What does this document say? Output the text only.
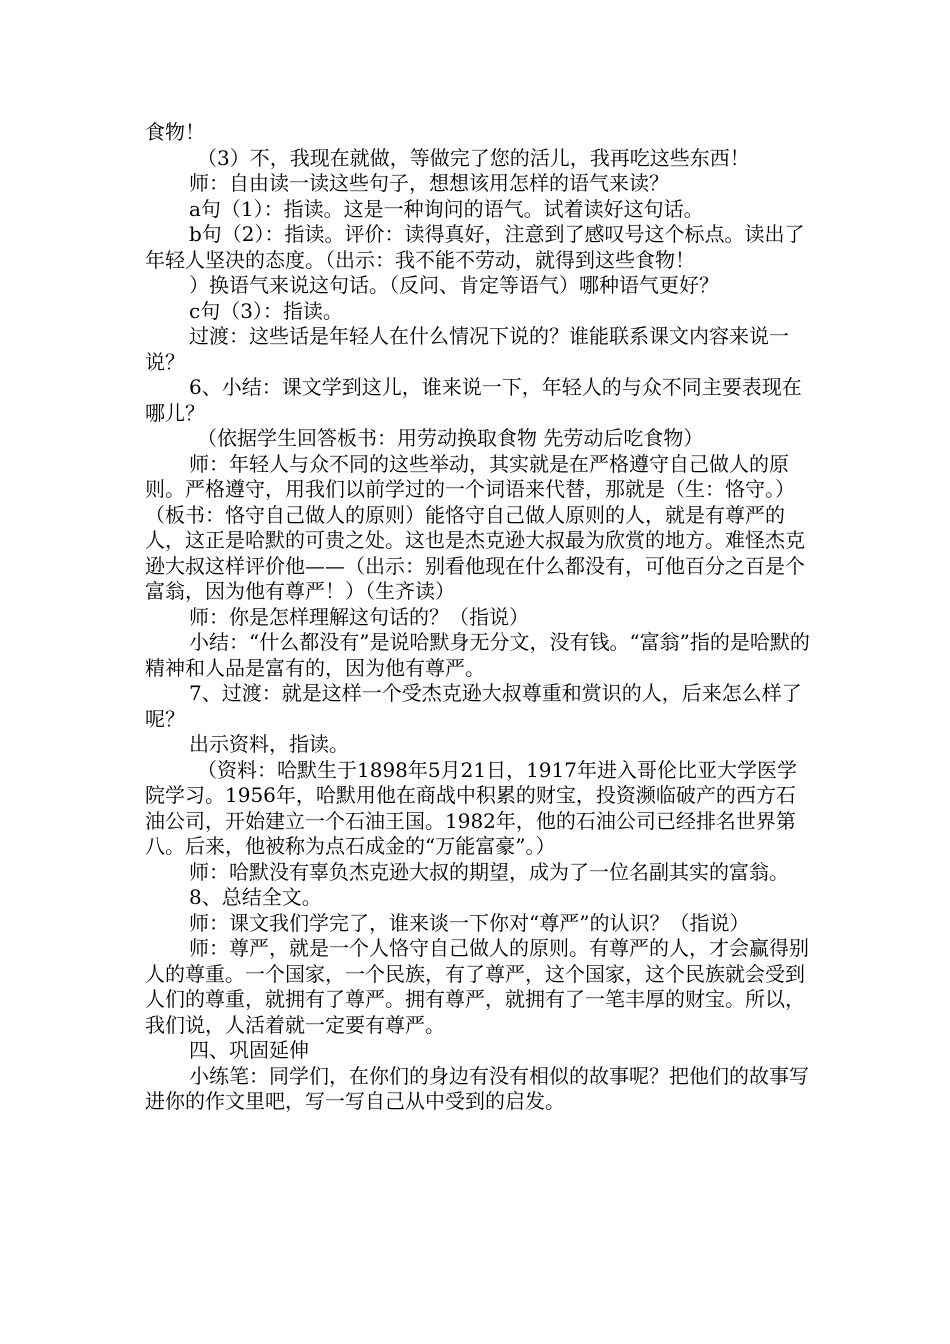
食物！

（3）不，我现在就做，等做完了您的活儿，我再吃这些东西！

师：自由读一读这些句子，想想该用怎样的语气来读？

a句（1）：指读。这是一种询问的语气。试着读好这句话。

b句（2）：指读。评价：读得真好，注意到了感叹号这个标点。读出了年轻人坚决的态度。（出示：我不能不劳动，就得到这些食物！

）换语气来说这句话。（反问、肯定等语气）哪种语气更好？

c句（3）：指读。

过渡：这些话是年轻人在什么情况下说的？谁能联系课文内容来说一说？

6、小结：课文学到这儿，谁来说一下，年轻人的与众不同主要表现在哪儿？

（依据学生回答板书：用劳动换取食物 先劳动后吃食物）

师：年轻人与众不同的这些举动，其实就是在严格遵守自己做人的原则。严格遵守，用我们以前学过的一个词语来代替，那就是（生：恪守。）（板书：恪守自己做人的原则）能恪守自己做人原则的人，就是有尊严的人，这正是哈默的可贵之处。这也是杰克逊大叔最为欣赏的地方。难怪杰克逊大叔这样评价他——（出示：别看他现在什么都没有，可他百分之百是个富翁，因为他有尊严！）（生齐读）

师：你是怎样理解这句话的？（指说）

小结：“什么都没有”是说哈默身无分文，没有钱。“富翁”指的是哈默的精神和人品是富有的，因为他有尊严。

7、过渡：就是这样一个受杰克逊大叔尊重和赏识的人，后来怎么样了呢？

出示资料，指读。

（资料：哈默生于1898年5月21日，1917年进入哥伦比亚大学医学院学习。1956年，哈默用他在商战中积累的财宝，投资濒临破产的西方石油公司，开始建立一个石油王国。1982年，他的石油公司已经排名世界第八。后来，他被称为点石成金的“万能富豪”。）

师：哈默没有辜负杰克逊大叔的期望，成为了一位名副其实的富翁。

8、总结全文。

师：课文我们学完了，谁来谈一下你对“尊严”的认识？（指说）

师：尊严，就是一个人恪守自己做人的原则。有尊严的人，才会赢得别人的尊重。一个国家，一个民族，有了尊严，这个国家，这个民族就会受到人们的尊重，就拥有了尊严。拥有尊严，就拥有了一笔丰厚的财宝。所以，我们说，人活着就一定要有尊严。

四、巩固延伸

小练笔：同学们，在你们的身边有没有相似的故事呢？把他们的故事写进你的作文里吧，写一写自己从中受到的启发。
